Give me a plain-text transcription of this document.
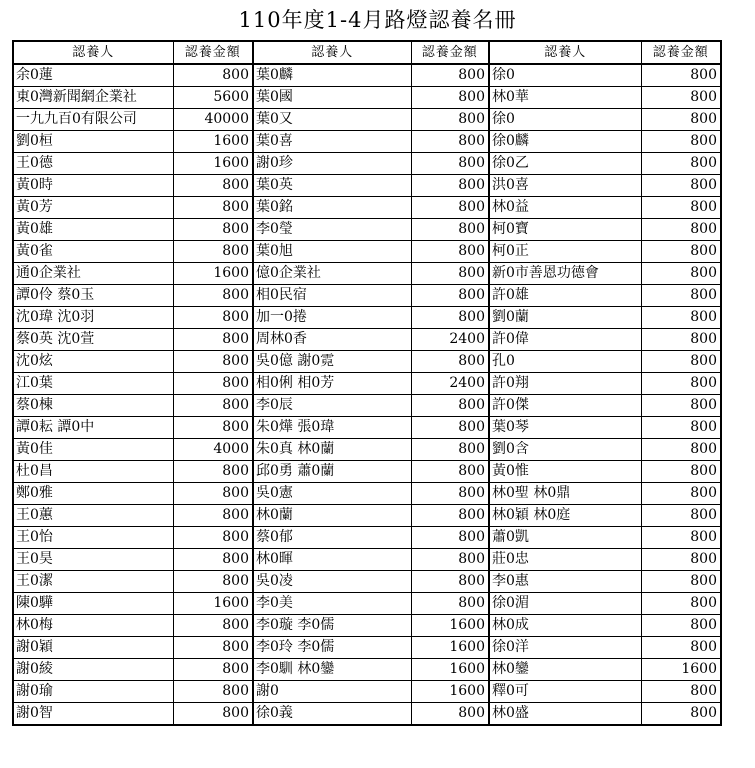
110年度1-4月路燈認養名冊
認養人	認養金額	認養人	認養金額	認養人	認養金額
余0蓮	800	葉0麟	800	徐0	800
東0灣新聞網企業社	5600	葉0國	800	林0華	800
一九九百0有限公司	40000	葉0又	800	徐0	800
劉0桓	1600	葉0喜	800	徐0麟	800
王0德	1600	謝0珍	800	徐0乙	800
黃0時	800	葉0英	800	洪0喜	800
黃0芳	800	葉0銘	800	林0益	800
黃0雄	800	李0瑩	800	柯0寶	800
黃0雀	800	葉0旭	800	柯0正	800
通0企業社	1600	億0企業社	800	新0市善恩功德會	800
譚0伶 蔡0玉	800	相0民宿	800	許0雄	800
沈0瑋 沈0羽	800	加一0捲	800	劉0蘭	800
蔡0英 沈0萱	800	周林0香	2400	許0偉	800
沈0炫	800	吳0億 謝0霓	800	孔0	800
江0葉	800	相0俐 相0芳	2400	許0翔	800
蔡0棟	800	李0辰	800	許0傑	800
譚0耘 譚0中	800	朱0燁 張0瑋	800	葉0琴	800
黃0佳	4000	朱0真 林0蘭	800	劉0含	800
杜0昌	800	邱0勇 蕭0蘭	800	黃0惟	800
鄭0雅	800	吳0憲	800	林0聖 林0鼎	800
王0蕙	800	林0蘭	800	林0穎 林0庭	800
王0怡	800	蔡0郁	800	蕭0凱	800
王0昊	800	林0暉	800	莊0忠	800
王0潔	800	吳0凌	800	李0惠	800
陳0驊	1600	李0美	800	徐0湄	800
林0梅	800	李0璇 李0儒	1600	林0成	800
謝0穎	800	李0玲 李0儒	1600	徐0洋	800
謝0綾	800	李0馴 林0鑾	1600	林0鑾	1600
謝0瑜	800	謝0	1600	釋0可	800
謝0智	800	徐0義	800	林0盛	800
